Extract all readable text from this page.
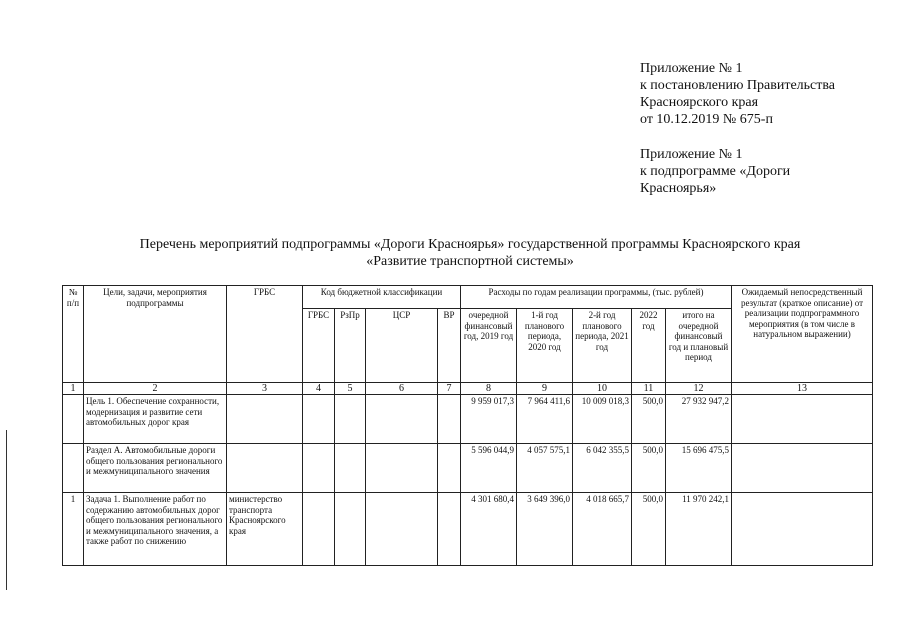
Приложение № 1
к постановлению Правительства
Красноярского края
от 10.12.2019 № 675-п
Приложение № 1
к подпрограмме «Дороги
Красноярья»
Перечень мероприятий подпрограммы «Дороги Красноярья» государственной программы Красноярского края
«Развитие транспортной системы»
№ п/п	Цели, задачи, мероприятия подпрограммы	ГРБС	Код бюджетной классификации				Расходы по годам реализации программы, (тыс. рублей)					Ожидаемый непосредственный результат (краткое описание) от реализации подпрограммного мероприятия (в том числе в натуральном выражении)
			ГРБС	РзПр	ЦСР	ВР	очередной финансовый год, 2019 год	1-й год планового периода, 2020 год	2-й год планового периода, 2021 год	2022 год	итого на очередной финансовый год и плановый период	
1	2	3	4	5	6	7	8	9	10	11	12	13
	Цель 1. Обеспечение сохранности, модернизация и развитие сети автомобильных дорог края						9 959 017,3	7 964 411,6	10 009 018,3	500,0	27 932 947,2	
	Раздел А. Автомобильные дороги общего пользования регионального и межмуниципального значения						5 596 044,9	4 057 575,1	6 042 355,5	500,0	15 696 475,5	
1	Задача 1. Выполнение работ по содержанию автомобильных дорог общего пользования регионального и межмуниципального значения, а также работ по снижению	министерство транспорта Красноярского края					4 301 680,4	3 649 396,0	4 018 665,7	500,0	11 970 242,1	
